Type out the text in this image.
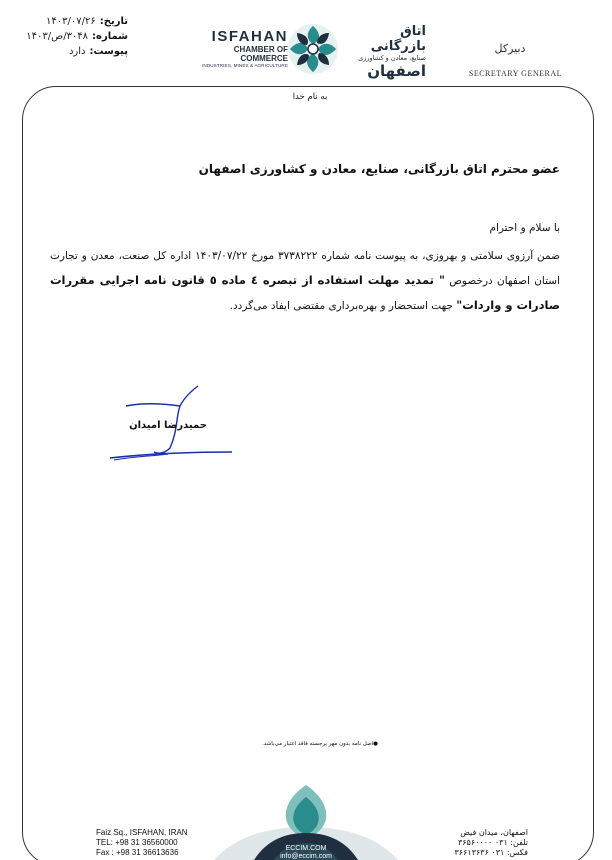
تاریخ:
۱۴۰۳/۰۷/۲۶
شماره:
۳۰۴۸/ص/۱۴۰۳
پیوست:
دارد
ISFAHAN
CHAMBER OF COMMERCE
INDUSTRIES, MINES & AGRICULTURE
اتاق بازرگانی
صنایع، معادن و کشاورزی
اصفهان
دبیرکل
SECRETARY GENERAL
به نام خدا
عضو محترم اتاق بازرگانی، صنایع، معادن و کشاورزی اصفهان
با سلام و احترام
ضمن آرزوی سلامتی و بهروزی، به پیوست نامه شماره ۳۷۳۸۲۲۲ مورخ ۱۴۰۳/۰۷/۲۲ اداره کل صنعت، معدن و تجارت استان اصفهان درخصوص " تمدید مهلت استفاده از تبصره ٤ ماده ٥ قانون نامه اجرایی مقررات صادرات و واردات" جهت استحضار و بهره‌برداری مقتضی ایفاد می‌گردد.
حمیدرضا امیدان
●اصل نامه بدون مهر برجسته فاقد اعتبار می‌باشد.
Faiz Sq., ISFAHAN, IRAN
TEL: +98 31 36560000
Fax : +98 31 36613636	ECCIM.COM
info@eccim.com
اصفهان، میدان فیض
تلفن: ۰۳۱ ۳۶۵۶۰۰۰۰
فکس: ۰۳۱ ۳۶۶۱۳۶۳۶
